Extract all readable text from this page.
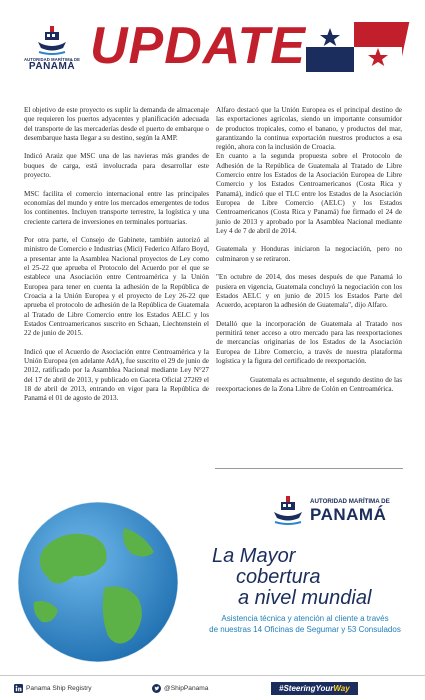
AUTORIDAD MARÍTIMA DE
PANAMÁ UPDATE

El objetivo de este proyecto es suplir la demanda de almacenaje que requieren los puertos adyacentes y planificación adecuada del transporte de las mercaderías desde el puerto de embarque o desembarque hasta llegar a su destino, según la AMP.

Indicó Araúz que MSC una de las navieras más grandes de buques de carga, está involucrada para desarrollar este proyecto.

MSC facilita el comercio internacional entre las principales economías del mundo y entre los mercados emergentes de todos los continentes. Incluyen transporte terrestre, la logística y una creciente cartera de inversiones en terminales portuarias.

Por otra parte, el Consejo de Gabinete, también autorizó al ministro de Comercio e Industrias (Mici) Federico Alfaro Boyd, a presentar ante la Asamblea Nacional proyectos de Ley como el 25-22 que aprueba el Protocolo del Acuerdo por el que se establece una Asociación entre Centroamérica y la Unión Europea para tener en cuenta la adhesión de la República de Croacia a la Unión Europea y el proyecto de Ley 26-22 que aprueba el protocolo de adhesión de la República de Guatemala al Tratado de Libre Comercio entre los Estados AELC y los Estados Centroamericanos suscrito en Schaan, Liechtenstein el 22 de junio de 2015.

Indicó que el Acuerdo de Asociación entre Centroamérica y la Unión Europea (en adelante AdA), fue suscrito el 29 de junio de 2012, ratificado por la Asamblea Nacional mediante Ley N°27 del 17 de abril de 2013, y publicado en Gaceta Oficial 27269 el 18 de abril de 2013, entrando en vigor para la República de Panamá el 01 de agosto de 2013.

Alfaro destacó que la Unión Europea es el principal destino de las exportaciones agrícolas, siendo un importante consumidor de productos tropicales, como el banano, y productos del mar, garantizando la continua exportación nuestros productos a esa región, ahora con la inclusión de Croacia.

En cuanto a la segunda propuesta sobre el Protocolo de Adhesión de la República de Guatemala al Tratado de Libre Comercio entre los Estados de la Asociación Europea de Libre Comercio y los Estados Centroamericanos (Costa Rica y Panamá), indicó que el TLC entre los Estados de la Asociación Europea de Libre Comercio (AELC) y los Estados Centroamericanos (Costa Rica y Panamá) fue firmado el 24 de junio de 2013 y aprobado por la Asamblea Nacional mediante Ley 4 de 7 de abril de 2014.

Guatemala y Honduras iniciaron la negociación, pero no culminaron y se retiraron.

"En octubre de 2014, dos meses después de que Panamá lo pusiera en vigencia, Guatemala concluyó la negociación con los Estados AELC y en junio de 2015 los Estados Parte del Acuerdo, aceptaron la adhesión de Guatemala", dijo Alfaro.

Detalló que la incorporación de Guatemala al Tratado nos permitirá tener acceso a otro mercado para las reexportaciones de mercancías originarias de los Estados de la Asociación Europea de Libre Comercio, a través de nuestra plataforma logística y la figura del certificado de reexportación.

Guatemala es actualmente, el segundo destino de las reexportaciones de la Zona Libre de Colón en Centroamérica.

AUTORIDAD MARÍTIMA DE
PANAMÁ
La Mayor
cobertura
a nivel mundial
Asistencia técnica y atención al cliente a través
de nuestras 14 Oficinas de Segumar y 53 Consulados
Panama Ship Registry	@ShipPanama	#SteeringYourWay
